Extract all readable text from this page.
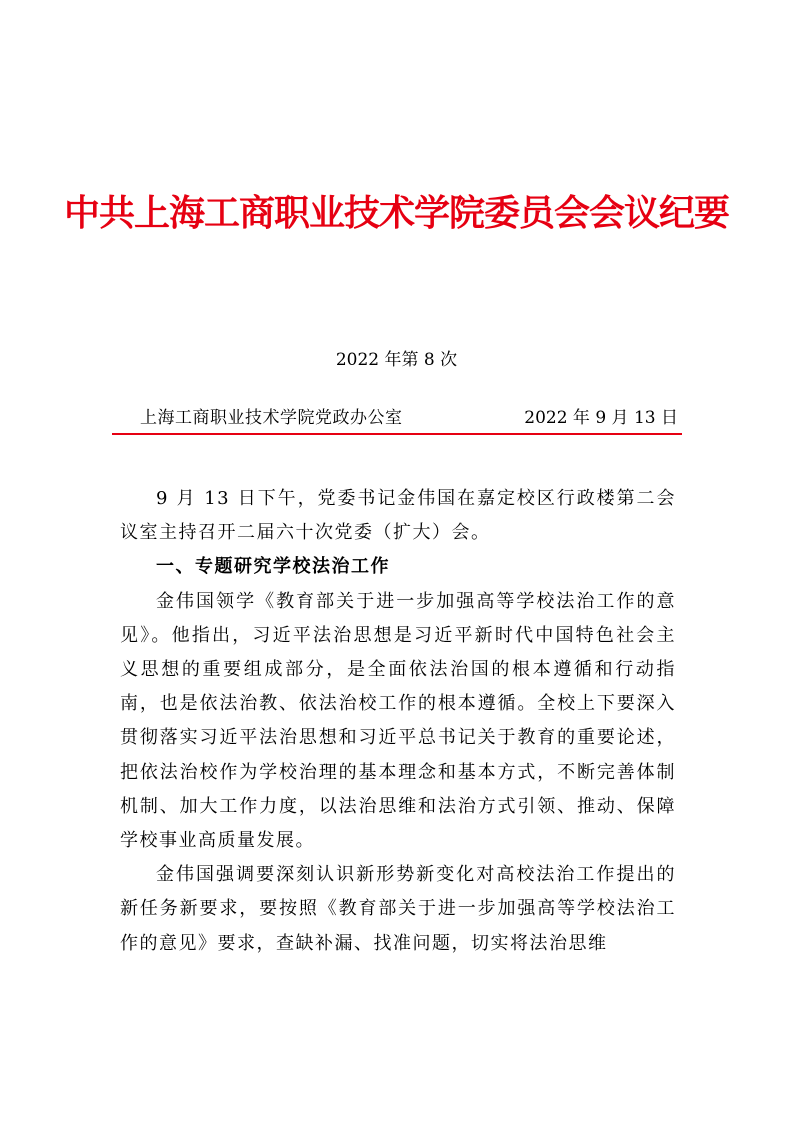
中共上海工商职业技术学院委员会会议纪要
2022 年第 8 次
上海工商职业技术学院党政办公室	2022 年 9 月 13 日

9 月 13 日下午，党委书记金伟国在嘉定校区行政楼第二会议室主持召开二届六十次党委（扩大）会。

一、专题研究学校法治工作

金伟国领学《教育部关于进一步加强高等学校法治工作的意见》。他指出，习近平法治思想是习近平新时代中国特色社会主义思想的重要组成部分，是全面依法治国的根本遵循和行动指南，也是依法治教、依法治校工作的根本遵循。全校上下要深入贯彻落实习近平法治思想和习近平总书记关于教育的重要论述，把依法治校作为学校治理的基本理念和基本方式，不断完善体制机制、加大工作力度，以法治思维和法治方式引领、推动、保障学校事业高质量发展。

金伟国强调要深刻认识新形势新变化对高校法治工作提出的新任务新要求，要按照《教育部关于进一步加强高等学校法治工作的意见》要求，查缺补漏、找准问题，切实将法治思维
